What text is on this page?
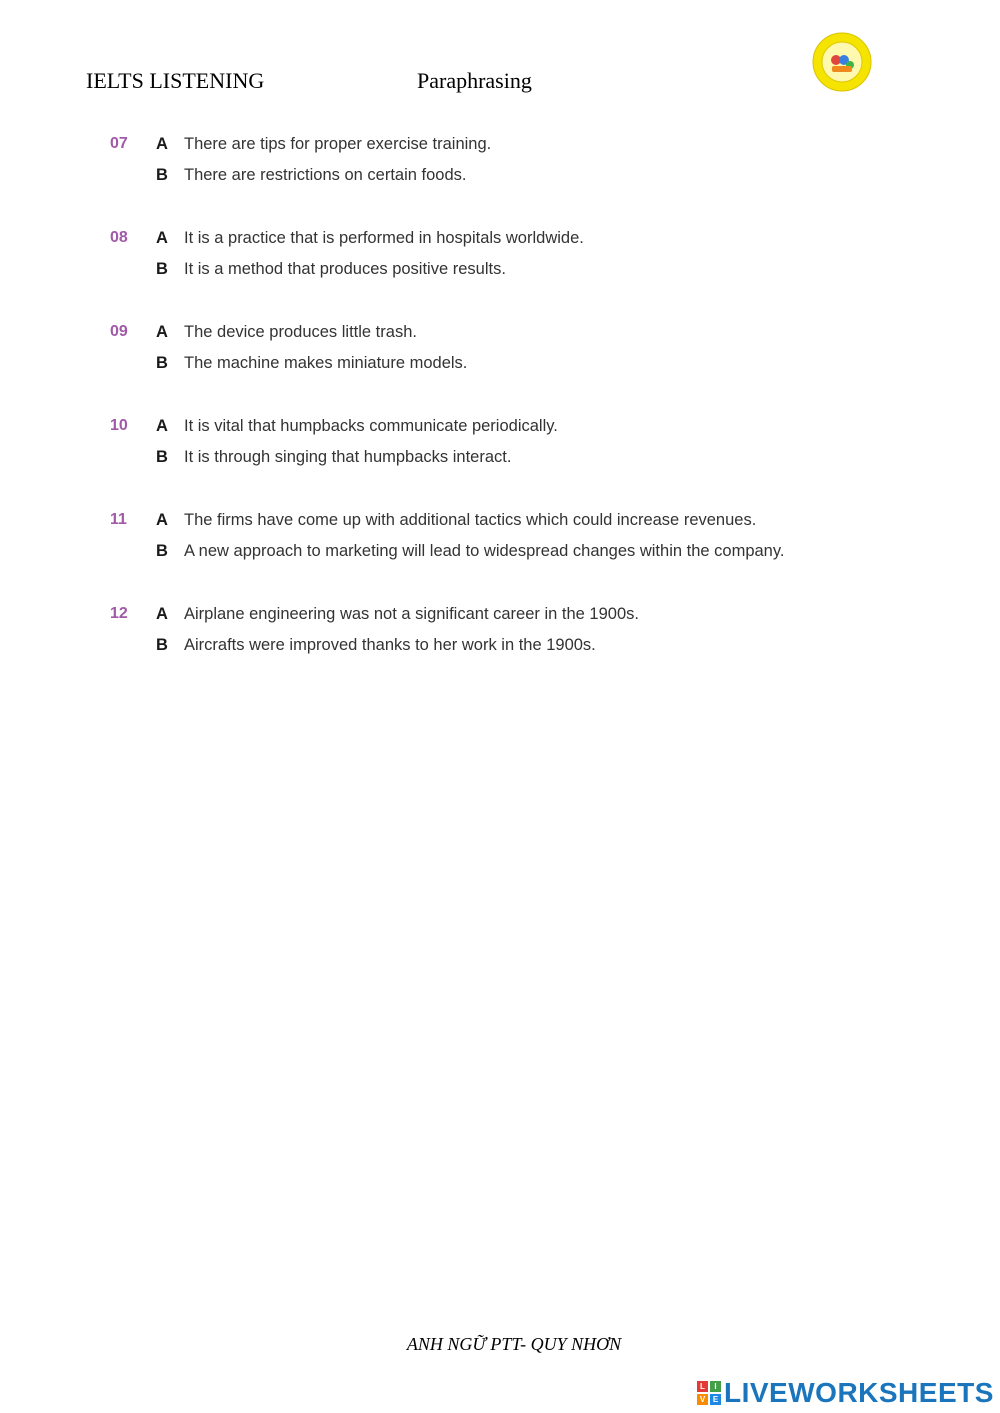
IELTS LISTENING	Paraphrasing
07 A There are tips for proper exercise training.
B There are restrictions on certain foods.
08 A It is a practice that is performed in hospitals worldwide.
B It is a method that produces positive results.
09 A The device produces little trash.
B The machine makes miniature models.
10 A It is vital that humpbacks communicate periodically.
B It is through singing that humpbacks interact.
11 A The firms have come up with additional tactics which could increase revenues.
B A new approach to marketing will lead to widespread changes within the company.
12 A Airplane engineering was not a significant career in the 1900s.
B Aircrafts were improved thanks to her work in the 1900s.
ANH NGỮ PTT- QUY NHƠN
L	I
V E LIVEWORKSHEETS
